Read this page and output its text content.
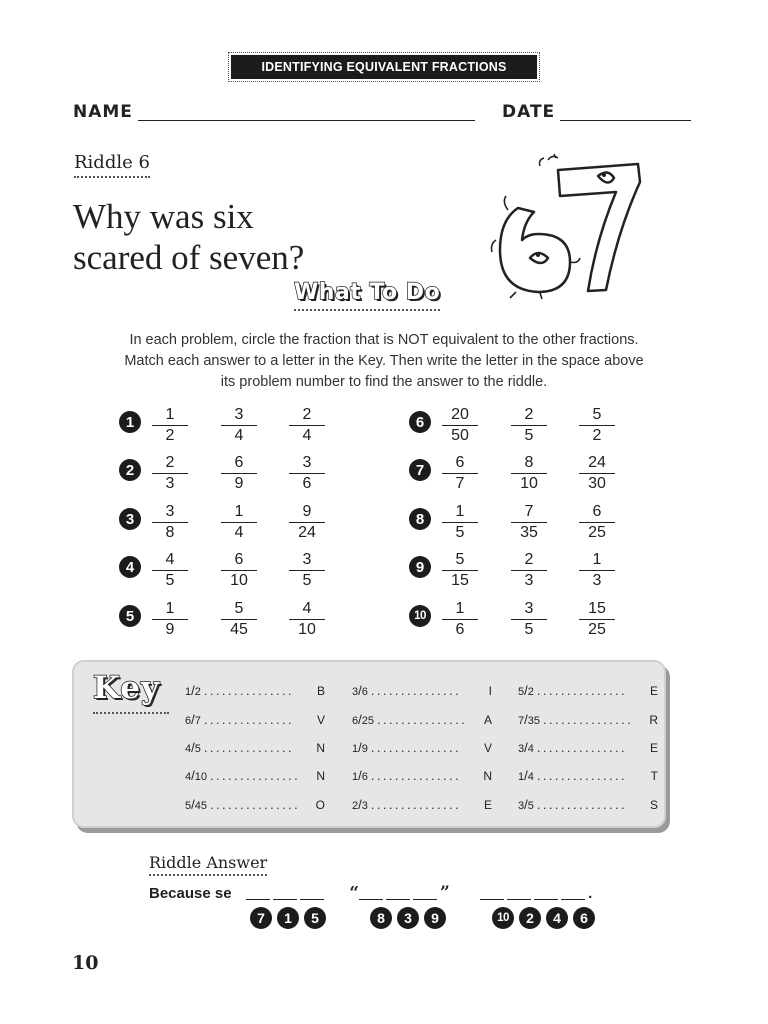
IDENTIFYING EQUIVALENT FRACTIONS
NAME	DATE
Riddle 6
Why was six
scared of seven?
What To Do
In each problem, circle the fraction that is NOT equivalent to the other fractions.
Match each answer to a letter in the Key. Then write the letter in the space above
its problem number to find the answer to the riddle.
1	$\frac{1}{2} \frac{3}{4} \frac{2}{4}$
2	$\frac{2}{3} \frac{6}{9} \frac{3}{6}$
3	$\frac{3}{8} \frac{1}{4} \frac{9}{24}$
4	$\frac{4}{5} \frac{6}{10} \frac{3}{5}$
5	$\frac{1}{9} \frac{5}{45} \frac{4}{10}$
6	$\frac{20}{50} \frac{2}{5} \frac{5}{2}$
7	$\frac{6}{7} \frac{8}{10} \frac{24}{30}$
8	$\frac{1}{5} \frac{7}{35} \frac{6}{25}$
9	$\frac{5}{15} \frac{2}{3} \frac{1}{3}$
10	$\frac{1}{6} \frac{3}{5} \frac{15}{25}$
Key 1 / 2 ...............	B
6 / 7 ...............	V
4 / 5 ...............	N
4 / 10 ...............	N
5 / 45 ...............	O
3 / 6 ...............	I
6 / 25 ...............	A
1 / 9 ...............	V
1 / 6 ...............	N
2 / 3 ...............	E
5 / 2 ...............	E
7 / 35 ...............	R
3 / 4 ...............	E
1 / 4 ...............	T
3 / 5 ...............	S
Riddle Answer
Because se	“	”	.
7	1	5	8	3	9	10	2	4	6
10
